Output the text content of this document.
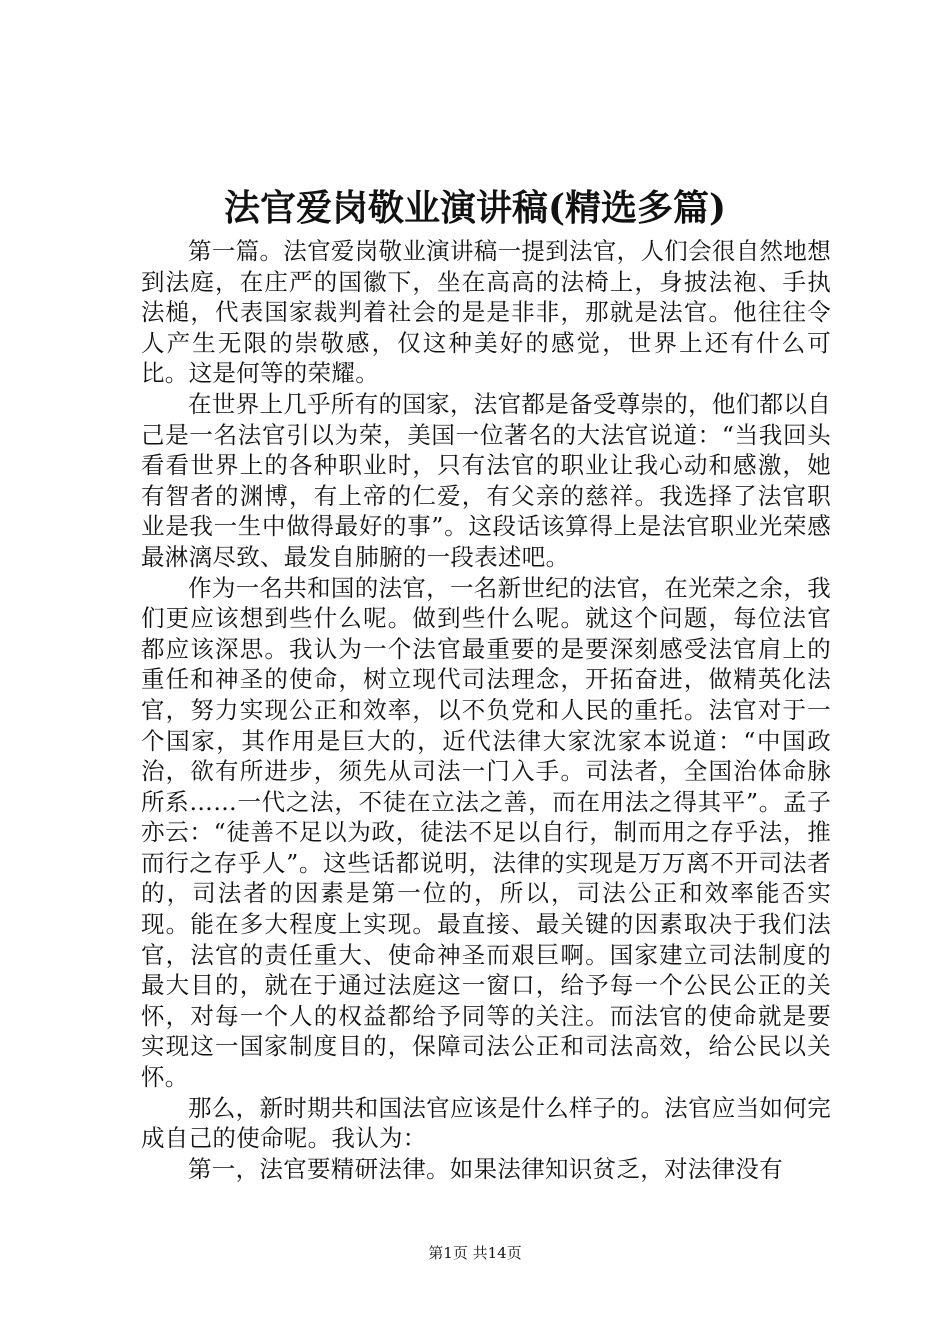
法官爱岗敬业演讲稿(精选多篇)

第一篇。法官爱岗敬业演讲稿一提到法官，人们会很自然地想到法庭，在庄严的国徽下，坐在高高的法椅上，身披法袍、手执法槌，代表国家裁判着社会的是是非非，那就是法官。他往往令人产生无限的崇敬感，仅这种美好的感觉，世界上还有什么可比。这是何等的荣耀。

在世界上几乎所有的国家，法官都是备受尊崇的，他们都以自己是一名法官引以为荣，美国一位著名的大法官说道：“当我回头看看世界上的各种职业时，只有法官的职业让我心动和感激，她有智者的渊博，有上帝的仁爱，有父亲的慈祥。我选择了法官职业是我一生中做得最好的事”。这段话该算得上是法官职业光荣感最淋漓尽致、最发自肺腑的一段表述吧。

作为一名共和国的法官，一名新世纪的法官，在光荣之余，我们更应该想到些什么呢。做到些什么呢。就这个问题，每位法官都应该深思。我认为一个法官最重要的是要深刻感受法官肩上的重任和神圣的使命，树立现代司法理念，开拓奋进，做精英化法官，努力实现公正和效率，以不负党和人民的重托。法官对于一个国家，其作用是巨大的，近代法律大家沈家本说道：“中国政治，欲有所进步，须先从司法一门入手。司法者，全国治体命脉所系……一代之法，不徒在立法之善，而在用法之得其平”。孟子亦云：“徒善不足以为政，徒法不足以自行，制而用之存乎法，推而行之存乎人”。这些话都说明，法律的实现是万万离不开司法者的，司法者的因素是第一位的，所以，司法公正和效率能否实现。能在多大程度上实现。最直接、最关键的因素取决于我们法官，法官的责任重大、使命神圣而艰巨啊。国家建立司法制度的最大目的，就在于通过法庭这一窗口，给予每一个公民公正的关怀，对每一个人的权益都给予同等的关注。而法官的使命就是要实现这一国家制度目的，保障司法公正和司法高效，给公民以关怀。

那么，新时期共和国法官应该是什么样子的。法官应当如何完成自己的使命呢。我认为：

第一，法官要精研法律。如果法律知识贫乏，对法律没有

第1页 共14页
